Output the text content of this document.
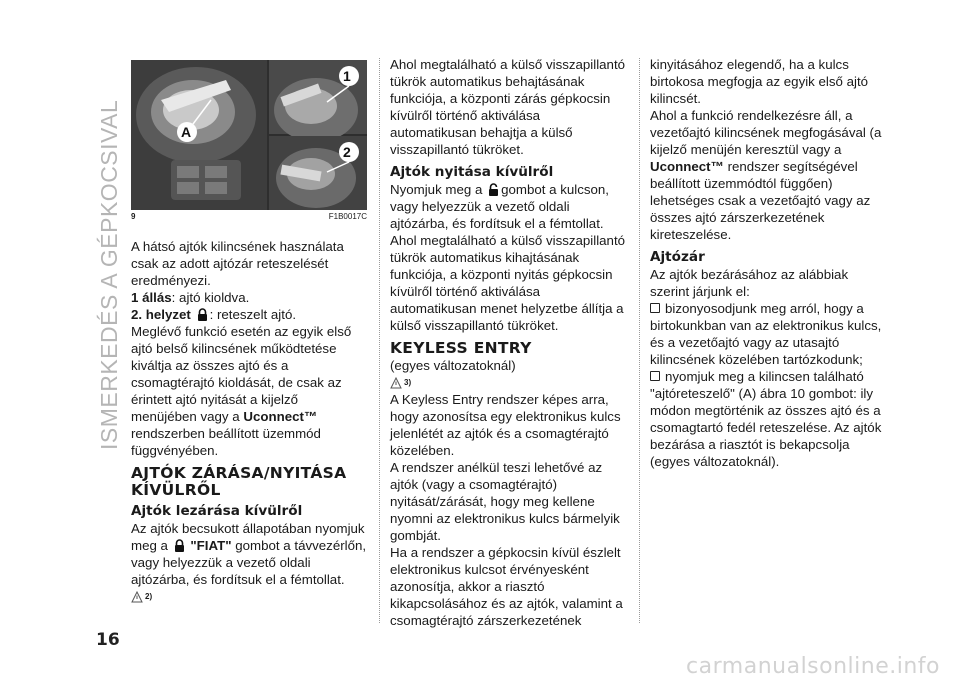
ISMERKEDÉS A GÉPKOCSIVAL
1
2
A
9	F1B0017C

A hátsó ajtók kilincsének használata csak az adott ajtózár reteszelését eredményezi.

1 állás: ajtó kioldva.

2. helyzet : reteszelt ajtó.

Meglévő funkció esetén az egyik első ajtó belső kilincsének működtetése kiváltja az összes ajtó és a csomagtérajtó kioldását, de csak az érintett ajtó nyitását a kijelző menüjében vagy a Uconnect™ rendszerben beállított üzemmód függvényében.

AJTÓK ZÁRÁSA/NYITÁSA
KÍVÜLRŐL

Ajtók lezárása kívülről

Az ajtók becsukott állapotában nyomjuk meg a "FIAT" gombot a távvezérlőn, vagy helyezzük a vezető oldali ajtózárba, és fordítsuk el a fémtollat.

$^{2)}$

Ahol megtalálható a külső visszapillantó tükrök automatikus behajtásának funkciója, a központi zárás gépkocsin kívülről történő aktiválása automatikusan behajtja a külső visszapillantó tükröket.

Ajtók nyitása kívülről

Nyomjuk meg a gombot a kulcson, vagy helyezzük a vezető oldali ajtózárba, és fordítsuk el a fémtollat.

Ahol megtalálható a külső visszapillantó tükrök automatikus kihajtásának funkciója, a központi nyitás gépkocsin kívülről történő aktiválása automatikusan menet helyzetbe állítja a külső visszapillantó tükröket.

KEYLESS ENTRY

(egyes változatoknál)

$^{3)}$

A Keyless Entry rendszer képes arra, hogy azonosítsa egy elektronikus kulcs jelenlétét az ajtók és a csomagtérajtó közelében.

A rendszer anélkül teszi lehetővé az ajtók (vagy a csomagtérajtó) nyitását/zárását, hogy meg kellene nyomni az elektronikus kulcs bármelyik gombját.

Ha a rendszer a gépkocsin kívül észlelt elektronikus kulcsot érvényesként azonosítja, akkor a riasztó kikapcsolásához és az ajtók, valamint a csomagtérajtó zárszerkezetének

kinyitásához elegendő, ha a kulcs birtokosa megfogja az egyik első ajtó kilincsét.

Ahol a funkció rendelkezésre áll, a vezetőajtó kilincsének megfogásával (a kijelző menüjén keresztül vagy a Uconnect™ rendszer segítségével beállított üzemmódtól függően) lehetséges csak a vezetőajtó vagy az összes ajtó zárszerkezetének kireteszelése.

Ajtózár

Az ajtók bezárásához az alábbiak szerint járjunk el:

bizonyosodjunk meg arról, hogy a birtokunkban van az elektronikus kulcs, és a vezetőajtó vagy az utasajtó kilincsének közelében tartózkodunk;

nyomjuk meg a kilincsen található "ajtóreteszelő" (A) ábra 10 gombot: ily módon megtörténik az összes ajtó és a csomagtartó fedél reteszelése. Az ajtók bezárása a riasztót is bekapcsolja (egyes változatoknál).

16
carmanualsonline.info
